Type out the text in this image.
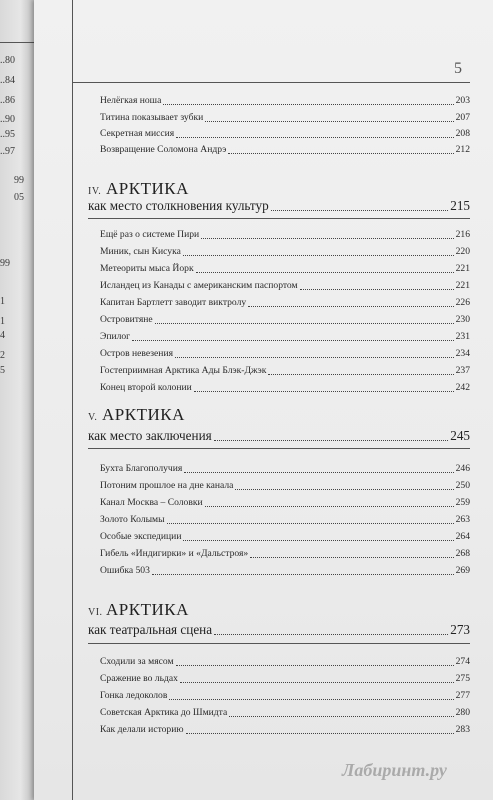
..80
..84
..86
..90
..95
..97
99
05
99
1
1
4
2
5
5
Нелёгкая ноша	203
Титина показывает зубки	207
Секретная миссия	208
Возвращение Соломона Андрэ	212
IV. АРКТИКА
как место столкновения культур	215
Ещё раз о системе Пири	216
Миник, сын Кисука	220
Метеориты мыса Йорк	221
Исландец из Канады с американским паспортом	221
Капитан Бартлетт заводит виктролу	226
Островитяне	230
Эпилог	231
Остров невезения	234
Гостеприимная Арктика Ады Блэк-Джэк	237
Конец второй колонии	242
V. АРКТИКА
как место заключения	245
Бухта Благополучия	246
Потоним прошлое на дне канала	250
Канал Москва – Соловки	259
Золото Колымы	263
Особые экспедиции	264
Гибель «Индигирки» и «Дальстроя»	268
Ошибка 503	269
VI. АРКТИКА
как театральная сцена	273
Сходили за мясом	274
Сражение во льдах	275
Гонка ледоколов	277
Советская Арктика до Шмидта	280
Как делали историю	283
Лабиринт.ру
